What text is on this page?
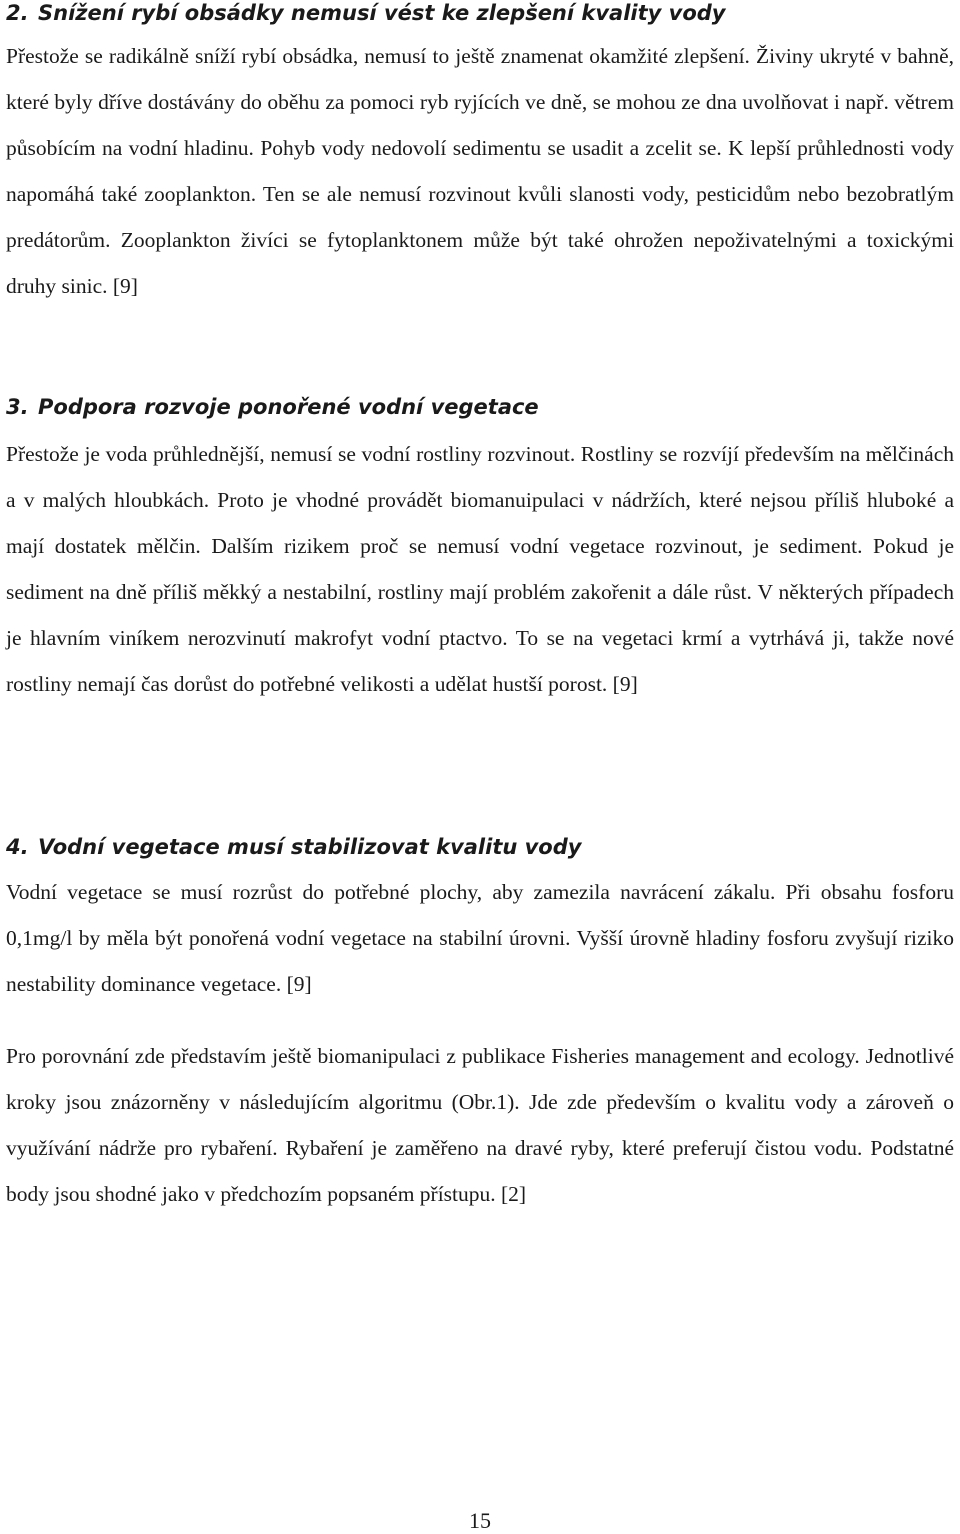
2. Snížení rybí obsádky nemusí vést ke zlepšení kvality vody

Přestože se radikálně sníží rybí obsádka, nemusí to ještě znamenat okamžité zlepšení. Živiny ukryté v bahně, které byly dříve dostávány do oběhu za pomoci ryb ryjících ve dně, se mohou ze dna uvolňovat i např. větrem působícím na vodní hladinu. Pohyb vody nedovolí sedimentu se usadit a zcelit se. K lepší průhlednosti vody napomáhá také zooplankton. Ten se ale nemusí rozvinout kvůli slanosti vody, pesticidům nebo bezobratlým predátorům. Zooplankton živíci se fytoplanktonem může být také ohrožen nepoživatelnými a toxickými druhy sinic. [9]

3. Podpora rozvoje ponořené vodní vegetace

Přestože je voda průhlednější, nemusí se vodní rostliny rozvinout. Rostliny se rozvíjí především na mělčinách a v malých hloubkách. Proto je vhodné provádět biomanuipulaci v nádržích, které nejsou příliš hluboké a mají dostatek mělčin. Dalším rizikem proč se nemusí vodní vegetace rozvinout, je sediment. Pokud je sediment na dně příliš měkký a nestabilní, rostliny mají problém zakořenit a dále růst. V některých případech je hlavním viníkem nerozvinutí makrofyt vodní ptactvo. To se na vegetaci krmí a vytrhává ji, takže nové rostliny nemají čas dorůst do potřebné velikosti a udělat hustší porost. [9]

4. Vodní vegetace musí stabilizovat kvalitu vody

Vodní vegetace se musí rozrůst do potřebné plochy, aby zamezila navrácení zákalu. Při obsahu fosforu 0,1mg/l by měla být ponořená vodní vegetace na stabilní úrovni. Vyšší úrovně hladiny fosforu zvyšují riziko nestability dominance vegetace. [9]

Pro porovnání zde představím ještě biomanipulaci z publikace Fisheries management and ecology. Jednotlivé kroky jsou znázorněny v následujícím algoritmu (Obr.1). Jde zde především o kvalitu vody a zároveň o využívání nádrže pro rybaření. Rybaření je zaměřeno na dravé ryby, které preferují čistou vodu. Podstatné body jsou shodné jako v předchozím popsaném přístupu. [2]

15
